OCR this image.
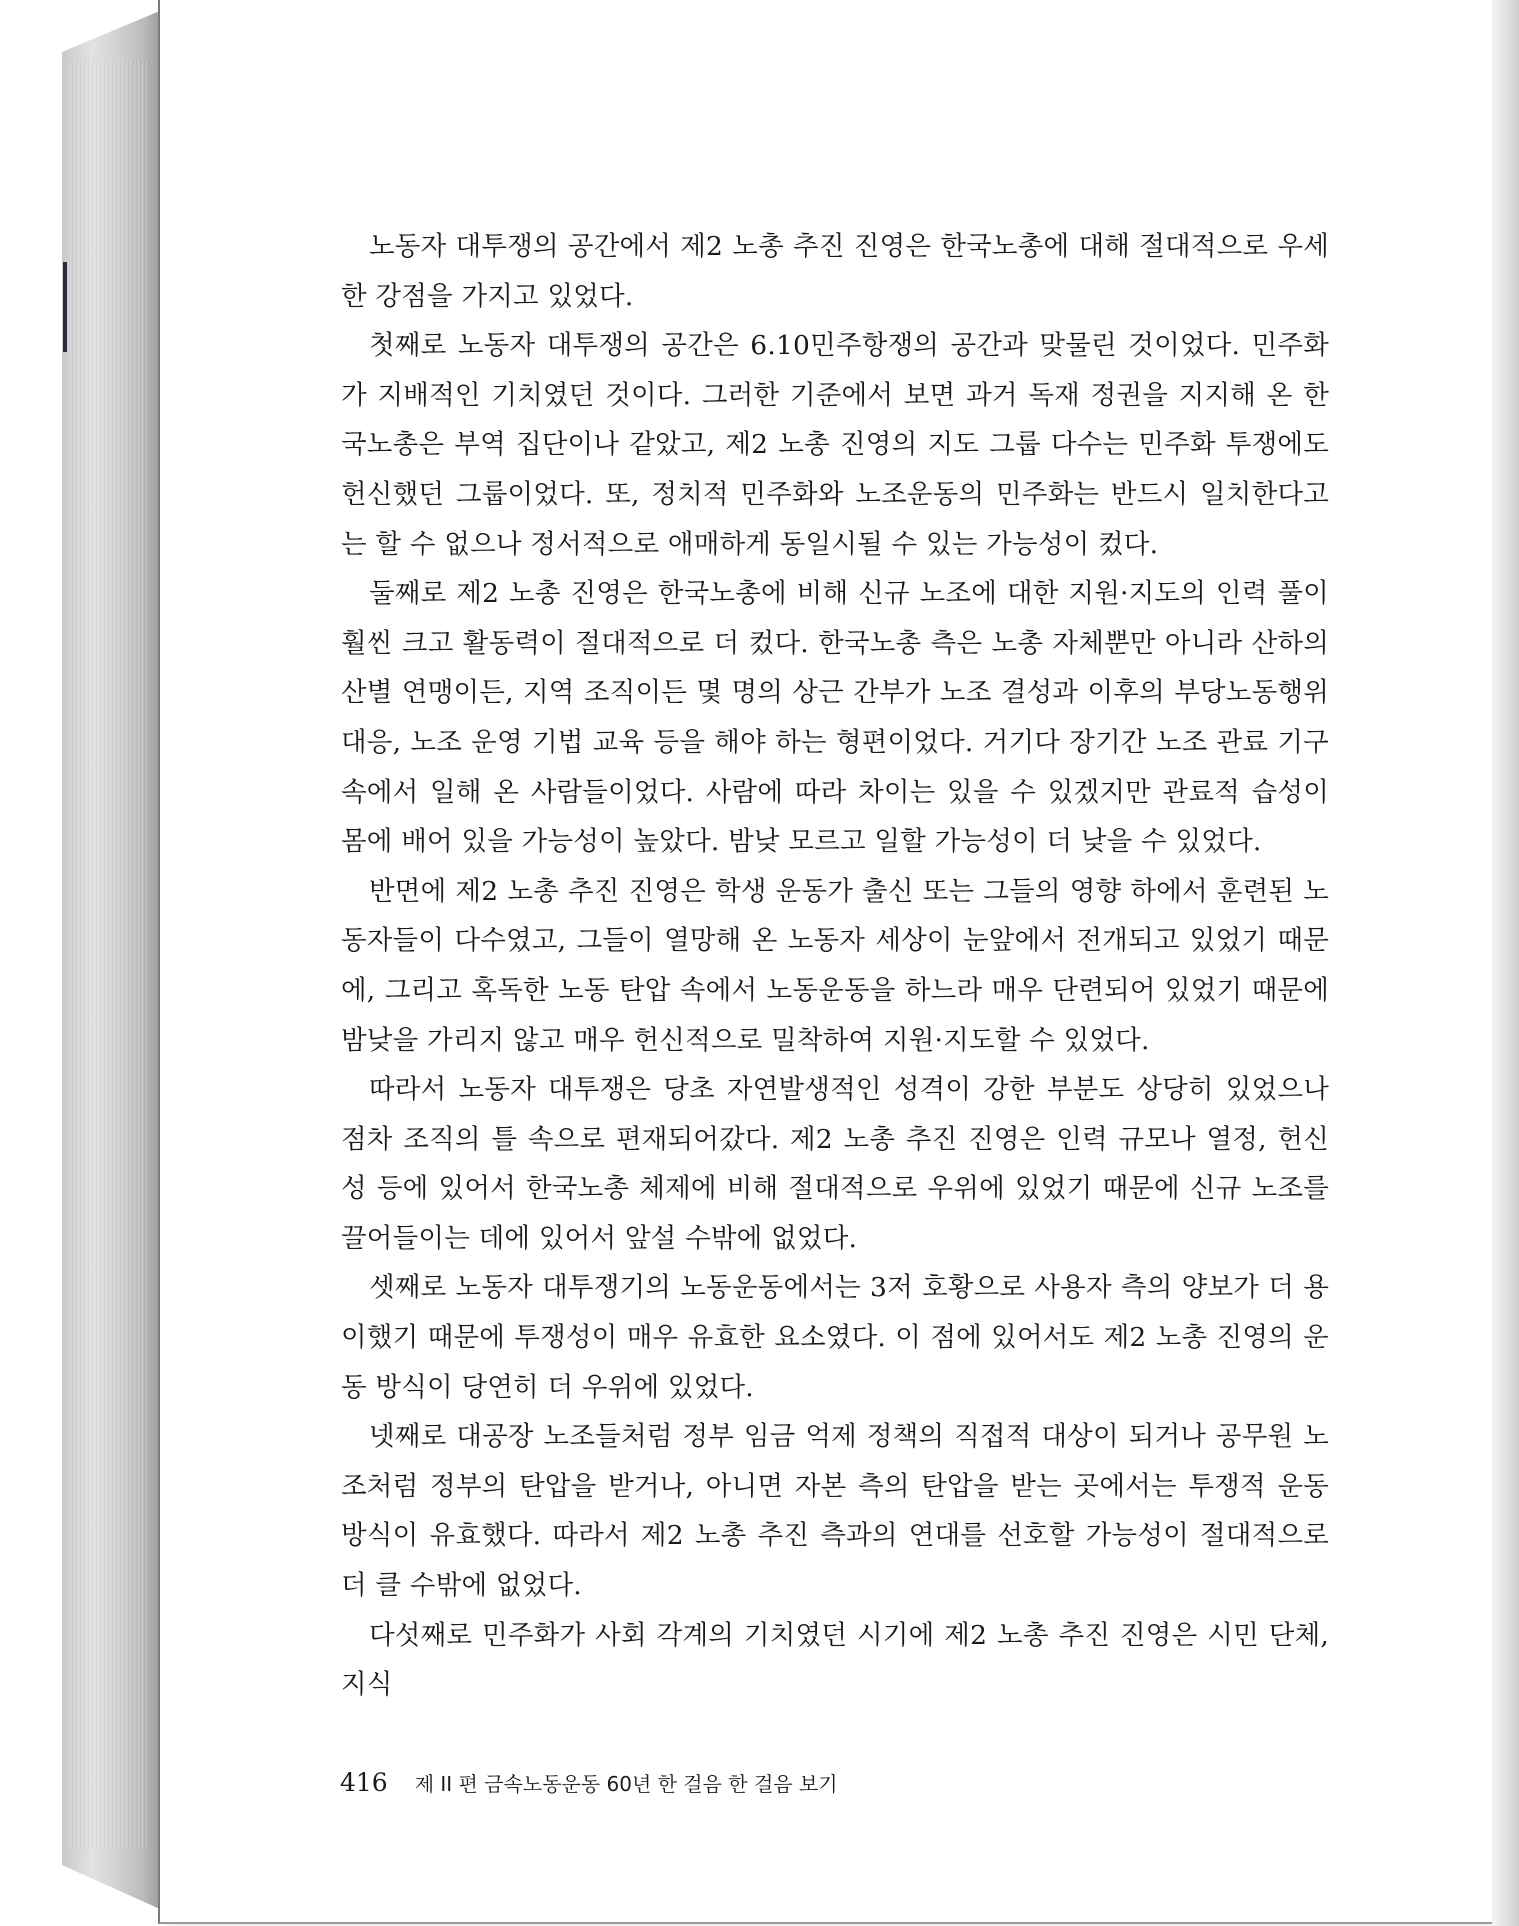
노동자 대투쟁의 공간에서 제2 노총 추진 진영은 한국노총에 대해 절대적으로 우세한 강점을 가지고 있었다.

첫째로 노동자 대투쟁의 공간은 6.10민주항쟁의 공간과 맞물린 것이었다. 민주화가 지배적인 기치였던 것이다. 그러한 기준에서 보면 과거 독재 정권을 지지해 온 한국노총은 부역 집단이나 같았고, 제2 노총 진영의 지도 그룹 다수는 민주화 투쟁에도 헌신했던 그룹이었다. 또, 정치적 민주화와 노조운동의 민주화는 반드시 일치한다고는 할 수 없으나 정서적으로 애매하게 동일시될 수 있는 가능성이 컸다.

둘째로 제2 노총 진영은 한국노총에 비해 신규 노조에 대한 지원·지도의 인력 풀이 훨씬 크고 활동력이 절대적으로 더 컸다. 한국노총 측은 노총 자체뿐만 아니라 산하의 산별 연맹이든, 지역 조직이든 몇 명의 상근 간부가 노조 결성과 이후의 부당노동행위 대응, 노조 운영 기법 교육 등을 해야 하는 형편이었다. 거기다 장기간 노조 관료 기구 속에서 일해 온 사람들이었다. 사람에 따라 차이는 있을 수 있겠지만 관료적 습성이 몸에 배어 있을 가능성이 높았다. 밤낮 모르고 일할 가능성이 더 낮을 수 있었다.

반면에 제2 노총 추진 진영은 학생 운동가 출신 또는 그들의 영향 하에서 훈련된 노동자들이 다수였고, 그들이 열망해 온 노동자 세상이 눈앞에서 전개되고 있었기 때문에, 그리고 혹독한 노동 탄압 속에서 노동운동을 하느라 매우 단련되어 있었기 때문에 밤낮을 가리지 않고 매우 헌신적으로 밀착하여 지원·지도할 수 있었다.

따라서 노동자 대투쟁은 당초 자연발생적인 성격이 강한 부분도 상당히 있었으나 점차 조직의 틀 속으로 편재되어갔다. 제2 노총 추진 진영은 인력 규모나 열정, 헌신성 등에 있어서 한국노총 체제에 비해 절대적으로 우위에 있었기 때문에 신규 노조를 끌어들이는 데에 있어서 앞설 수밖에 없었다.

셋째로 노동자 대투쟁기의 노동운동에서는 3저 호황으로 사용자 측의 양보가 더 용이했기 때문에 투쟁성이 매우 유효한 요소였다. 이 점에 있어서도 제2 노총 진영의 운동 방식이 당연히 더 우위에 있었다.

넷째로 대공장 노조들처럼 정부 임금 억제 정책의 직접적 대상이 되거나 공무원 노조처럼 정부의 탄압을 받거나, 아니면 자본 측의 탄압을 받는 곳에서는 투쟁적 운동 방식이 유효했다. 따라서 제2 노총 추진 측과의 연대를 선호할 가능성이 절대적으로 더 클 수밖에 없었다.

다섯째로 민주화가 사회 각계의 기치였던 시기에 제2 노총 추진 진영은 시민 단체, 지식

416 제 II 편 금속노동운동 60년 한 걸음 한 걸음 보기
